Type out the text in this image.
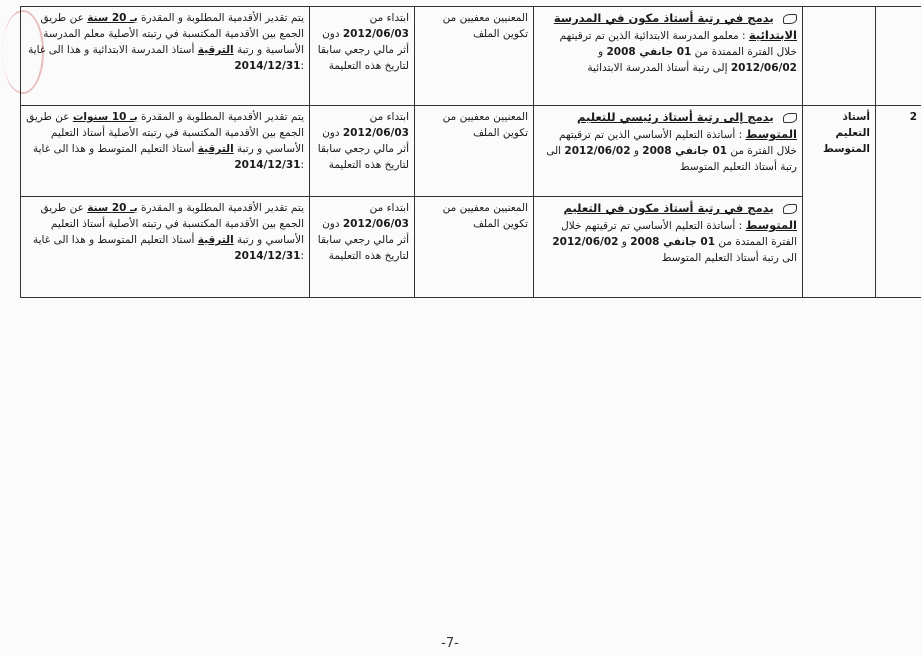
		يدمج في رتبة أستاذ مكون في المدرسة الابتدائية : معلمو المدرسة الابتدائية الذين تم ترقيتهم خلال الفترة الممتدة من 01 جانفي 2008 و 2012/06/02 إلى رتبة أستاذ المدرسة الابتدائية	المعنيين معفيين من تكوين الملف	ابتداء من 2012/06/03 دون أثر مالي رجعي سابقا لتاريخ هذه التعليمة	يتم تقدير الأقدمية المطلوبة و المقدرة بـ 20 سنة عن طريق الجمع بين الأقدمية المكتسبة في رتبته الأصلية معلم المدرسة الأساسية و رتبة الترقية أستاذ المدرسة الابتدائية و هذا الى غاية :2014/12/31
2	أستاذ التعليم المتوسط	يدمج إلى رتبة أستاذ رئيسي للتعليم المتوسط : أساتذة التعليم الأساسي الذين تم ترقيتهم خلال الفترة من 01 جانفي 2008 و 2012/06/02 الى رتبة أستاذ التعليم المتوسط	المعنيين معفيين من تكوين الملف	ابتداء من 2012/06/03 دون أثر مالي رجعي سابقا لتاريخ هذه التعليمة	يتم تقدير الأقدمية المطلوبة و المقدرة بـ 10 سنوات عن طريق الجمع بين الأقدمية المكتسبة في رتبته الأصلية أستاذ التعليم الأساسي و رتبة الترقية أستاذ التعليم المتوسط و هذا الى غاية :2014/12/31
		يدمج في رتبة أستاذ مكون في التعليم المتوسط : أساتذة التعليم الأساسي تم ترقيتهم خلال الفترة الممتدة من 01 جانفي 2008 و 2012/06/02 الى رتبة أستاذ التعليم المتوسط	المعنيين معفيين من تكوين الملف	ابتداء من 2012/06/03 دون أثر مالي رجعي سابقا لتاريخ هذه التعليمة	يتم تقدير الأقدمية المطلوبة و المقدرة بـ 20 سنة عن طريق الجمع بين الأقدمية المكتسبة في رتبته الأصلية أستاذ التعليم الأساسي و رتبة الترقية أستاذ التعليم المتوسط و هذا الى غاية :2014/12/31
-7-
